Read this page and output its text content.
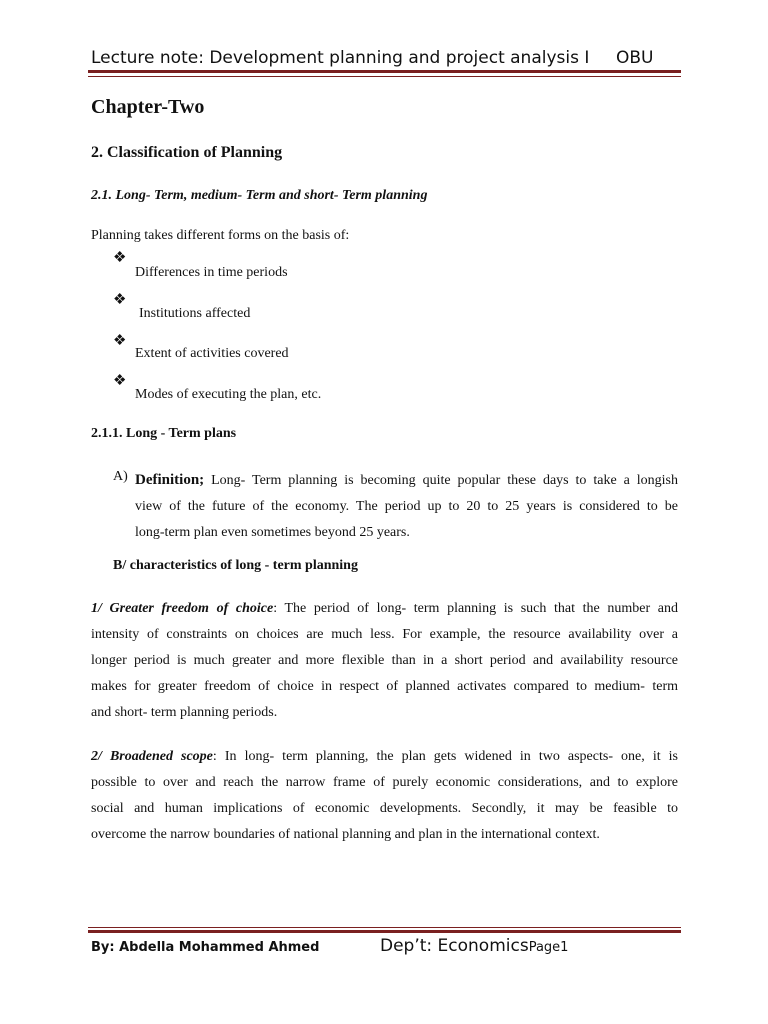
Lecture note: Development planning and project analysis I OBU
Chapter-Two
2. Classification of Planning
2.1. Long- Term, medium- Term and short- Term planning
Planning takes different forms on the basis of:
❖
Differences in time periods
❖
Institutions affected
❖
Extent of activities covered
❖
Modes of executing the plan, etc.
2.1.1. Long - Term plans
A) Definition; Long- Term planning is becoming quite popular these days to take a longish
view of the future of the economy. The period up to 20 to 25 years is considered to be
long-term plan even sometimes beyond 25 years.
B/ characteristics of long - term planning
1/ Greater freedom of choice: The period of long- term planning is such that the number and
intensity of constraints on choices are much less. For example, the resource availability over a
longer period is much greater and more flexible than in a short period and availability resource
makes for greater freedom of choice in respect of planned activates compared to medium- term
and short- term planning periods.
2/ Broadened scope: In long- term planning, the plan gets widened in two aspects- one, it is
possible to over and reach the narrow frame of purely economic considerations, and to explore
social and human implications of economic developments. Secondly, it may be feasible to
overcome the narrow boundaries of national planning and plan in the international context.
By: Abdella Mohammed Ahmed	Dep’t: EconomicsPage1
